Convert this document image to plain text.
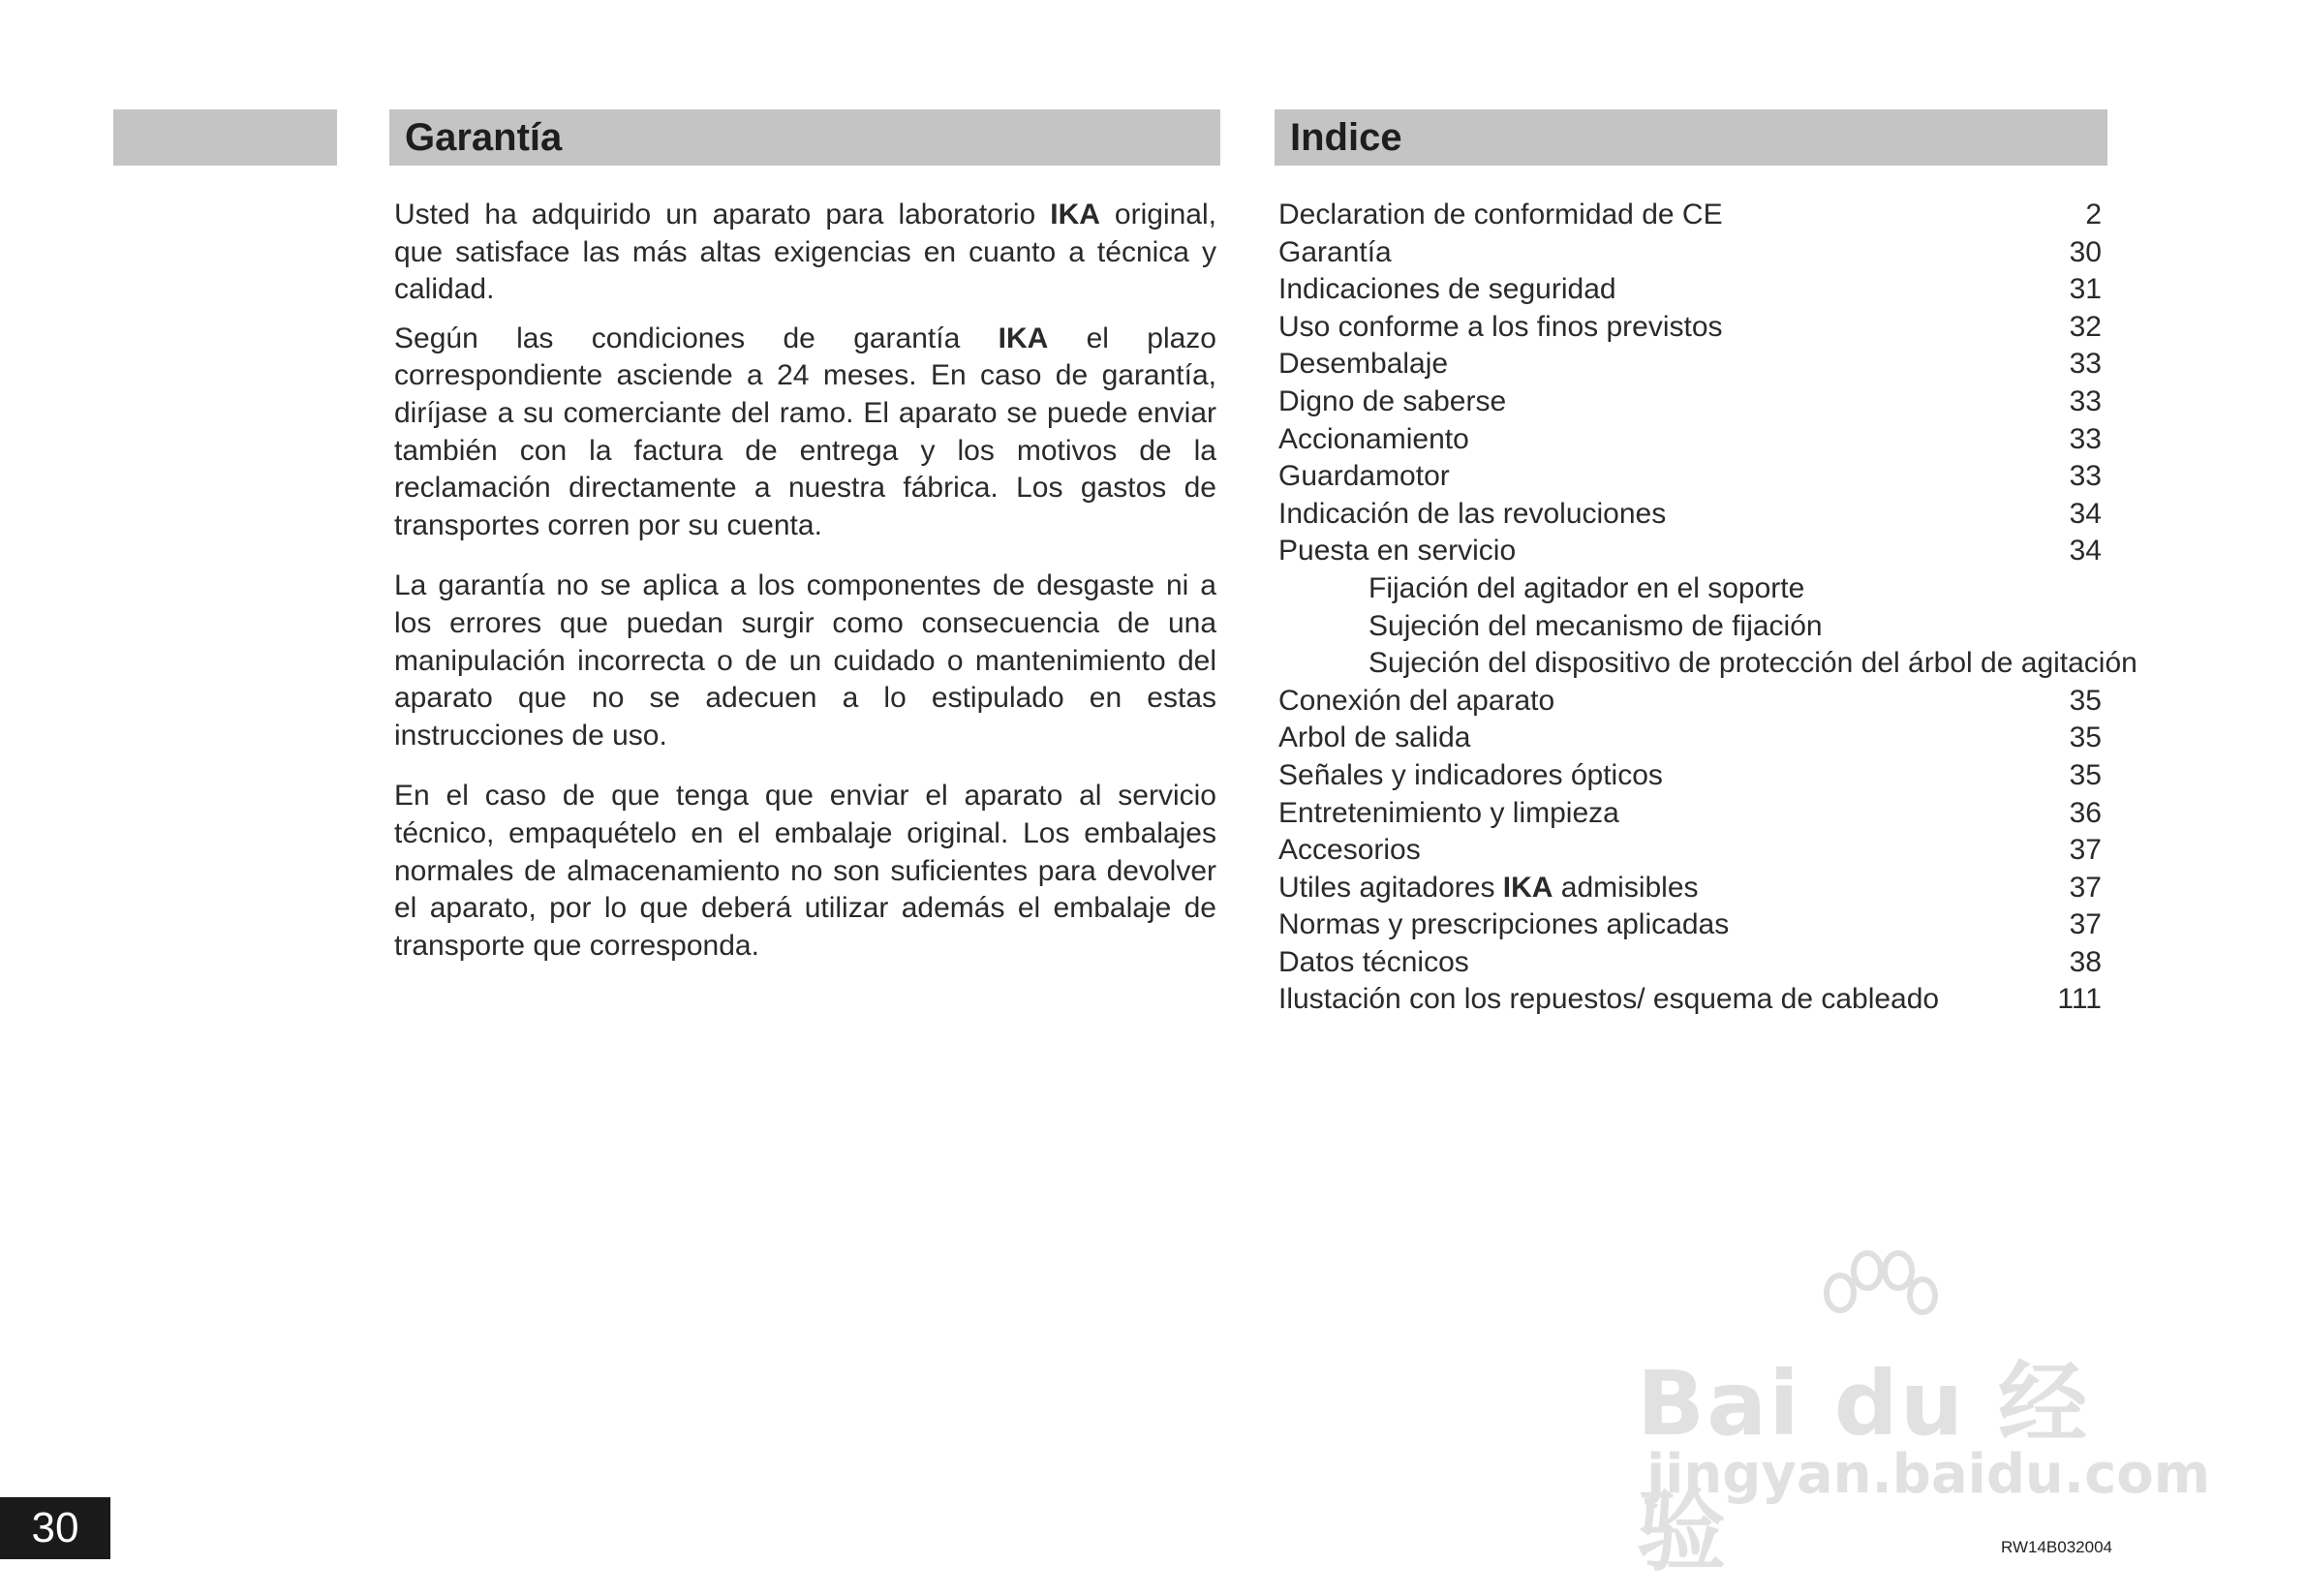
Garantía	Indice

Usted ha adquirido un aparato para laboratorio IKA original, que satisface las más altas exigencias en cuanto a técnica y calidad.

Según las condiciones de garantía IKA el plazo correspondiente asciende a 24 meses. En caso de garantía, diríjase a su comerciante del ramo. El aparato se puede enviar también con la factura de entrega y los motivos de la reclamación directamente a nuestra fábrica. Los gastos de transportes corren por su cuenta.

La garantía no se aplica a los componentes de desgaste ni a los errores que puedan surgir como consecuencia de una manipulación incorrecta o de un cuidado o mantenimiento del aparato que no se adecuen a lo estipulado en estas instrucciones de uso.

En el caso de que tenga que enviar el aparato al servicio técnico, empaquételo en el embalaje original. Los embalajes normales de almacenamiento no son suficientes para devolver el aparato, por lo que deberá utilizar además el embalaje de transporte que corresponda.

Declaration de conformidad de CE	2
Garantía	30
Indicaciones de seguridad	31
Uso conforme a los finos previstos	32
Desembalaje	33
Digno de saberse	33
Accionamiento	33
Guardamotor	33
Indicación de las revoluciones	34
Puesta en servicio	34
Fijación del agitador en el soporte
Sujeción del mecanismo de fijación
Sujeción del dispositivo de protección del árbol de agitación
Conexión del aparato	35
Arbol de salida	35
Señales y indicadores ópticos	35
Entretenimiento y limpieza	36
Accesorios	37
Utiles agitadores IKA admisibles	37
Normas y prescripciones aplicadas	37
Datos técnicos	38
Ilustación con los repuestos/ esquema de cableado	111
Bai du 经验
jingyan.baidu.com
30	RW14B032004
